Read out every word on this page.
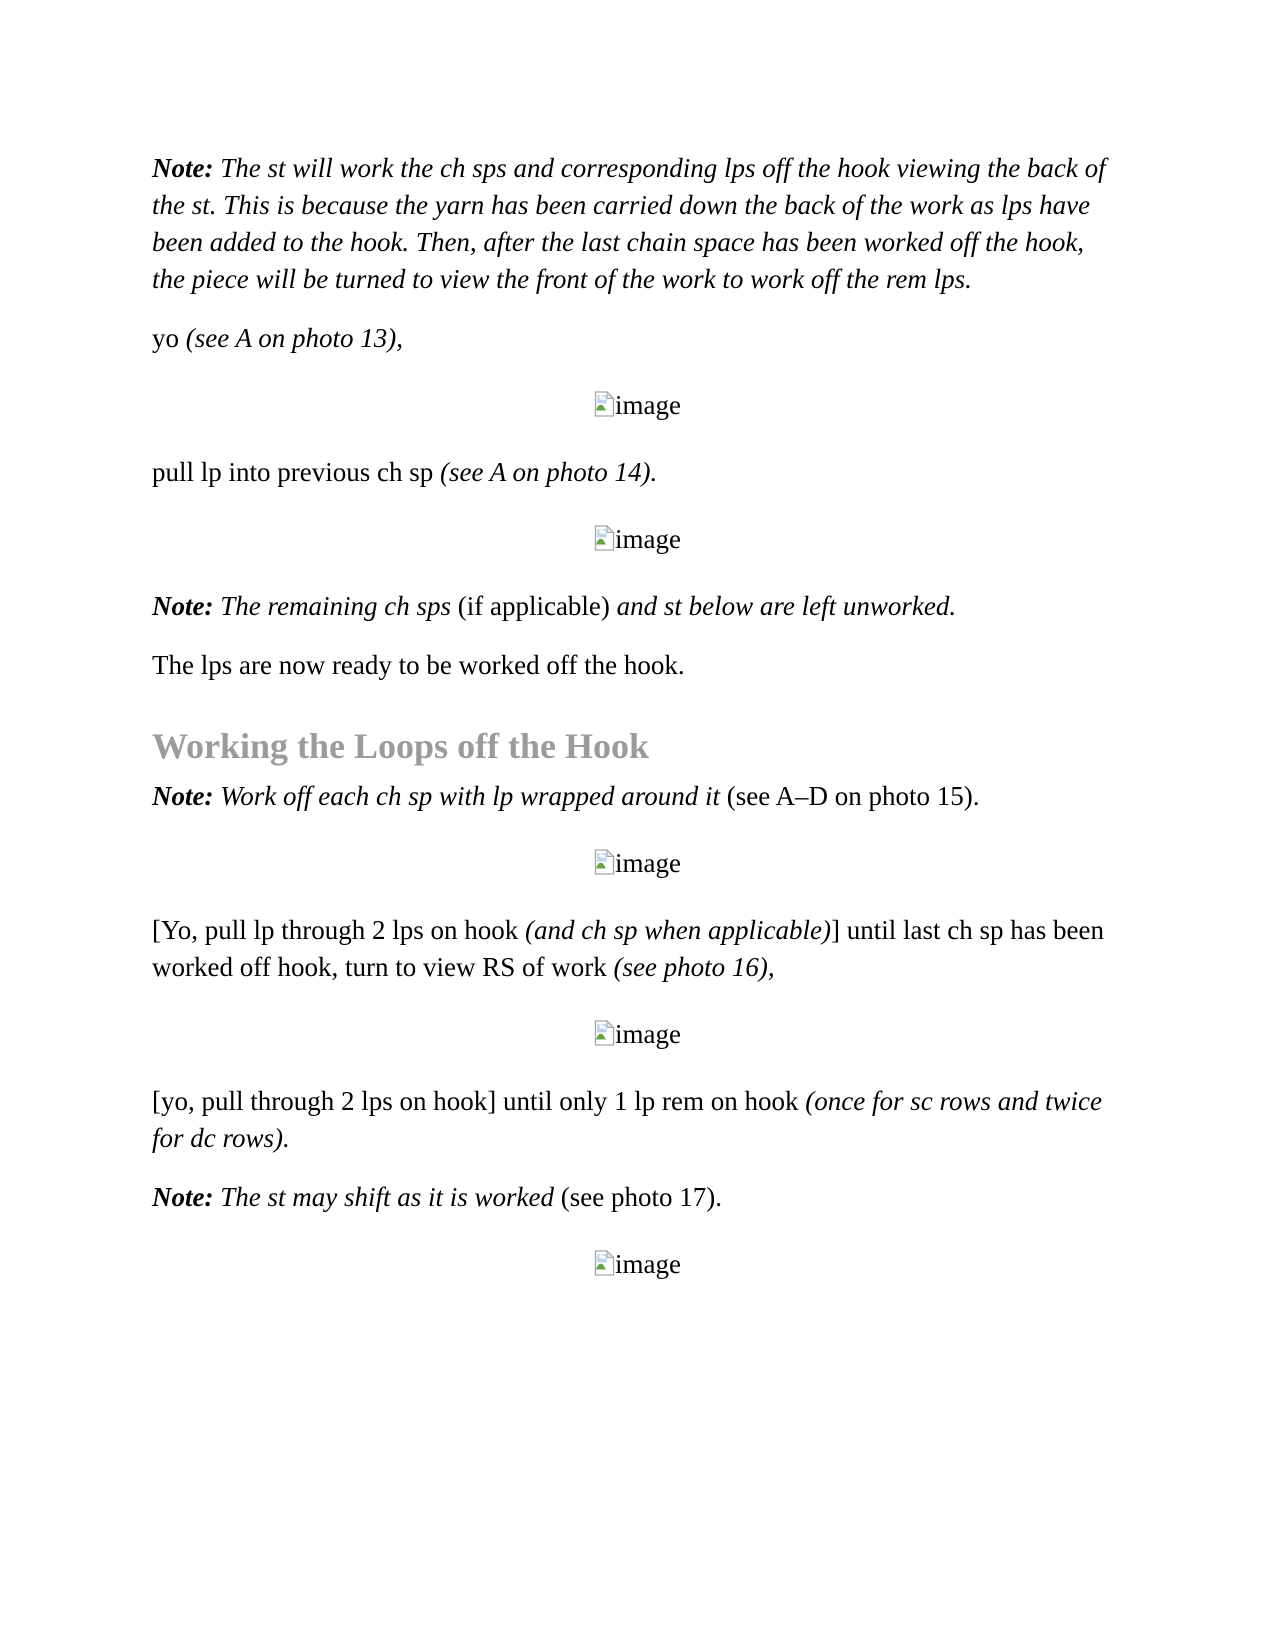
Note: The st will work the ch sps and corresponding lps off the hook viewing the back of the st. This is because the yarn has been carried down the back of the work as lps have been added to the hook. Then, after the last chain space has been worked off the hook, the piece will be turned to view the front of the work to work off the rem lps.

yo (see A on photo 13),

image

pull lp into previous ch sp (see A on photo 14).

image

Note: The remaining ch sps (if applicable) and st below are left unworked.

The lps are now ready to be worked off the hook.

Working the Loops off the Hook

Note: Work off each ch sp with lp wrapped around it (see A–D on photo 15).

image

[Yo, pull lp through 2 lps on hook (and ch sp when applicable)] until last ch sp has been worked off hook, turn to view RS of work (see photo 16),

image

[yo, pull through 2 lps on hook] until only 1 lp rem on hook (once for sc rows and twice for dc rows).

Note: The st may shift as it is worked (see photo 17).

image
